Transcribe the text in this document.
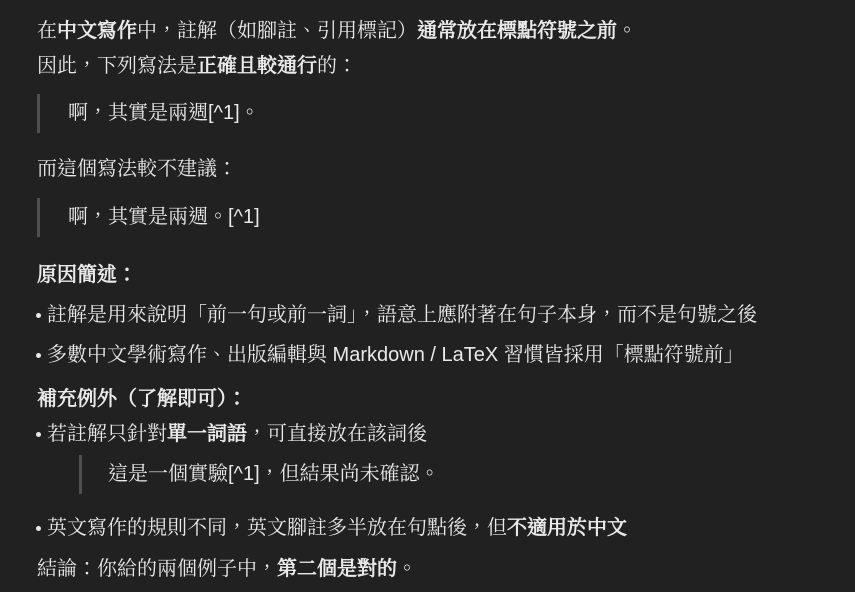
在中文寫作中，註解（如腳註、引用標記）通常放在標點符號之前。
因此，下列寫法是正確且較通行的：

啊，其實是兩週[^1]。

而這個寫法較不建議：

啊，其實是兩週。[^1]

原因簡述：

註解是用來說明「前一句或前一詞」，語意上應附著在句子本身，而不是句號之後
多數中文學術寫作、出版編輯與 Markdown / LaTeX 習慣皆採用「標點符號前」

補充例外（了解即可）：

若註解只針對單一詞語，可直接放在該詞後

這是一個實驗[^1]，但結果尚未確認。

英文寫作的規則不同，英文腳註多半放在句點後，但不適用於中文

結論：你給的兩個例子中，第二個是對的。
